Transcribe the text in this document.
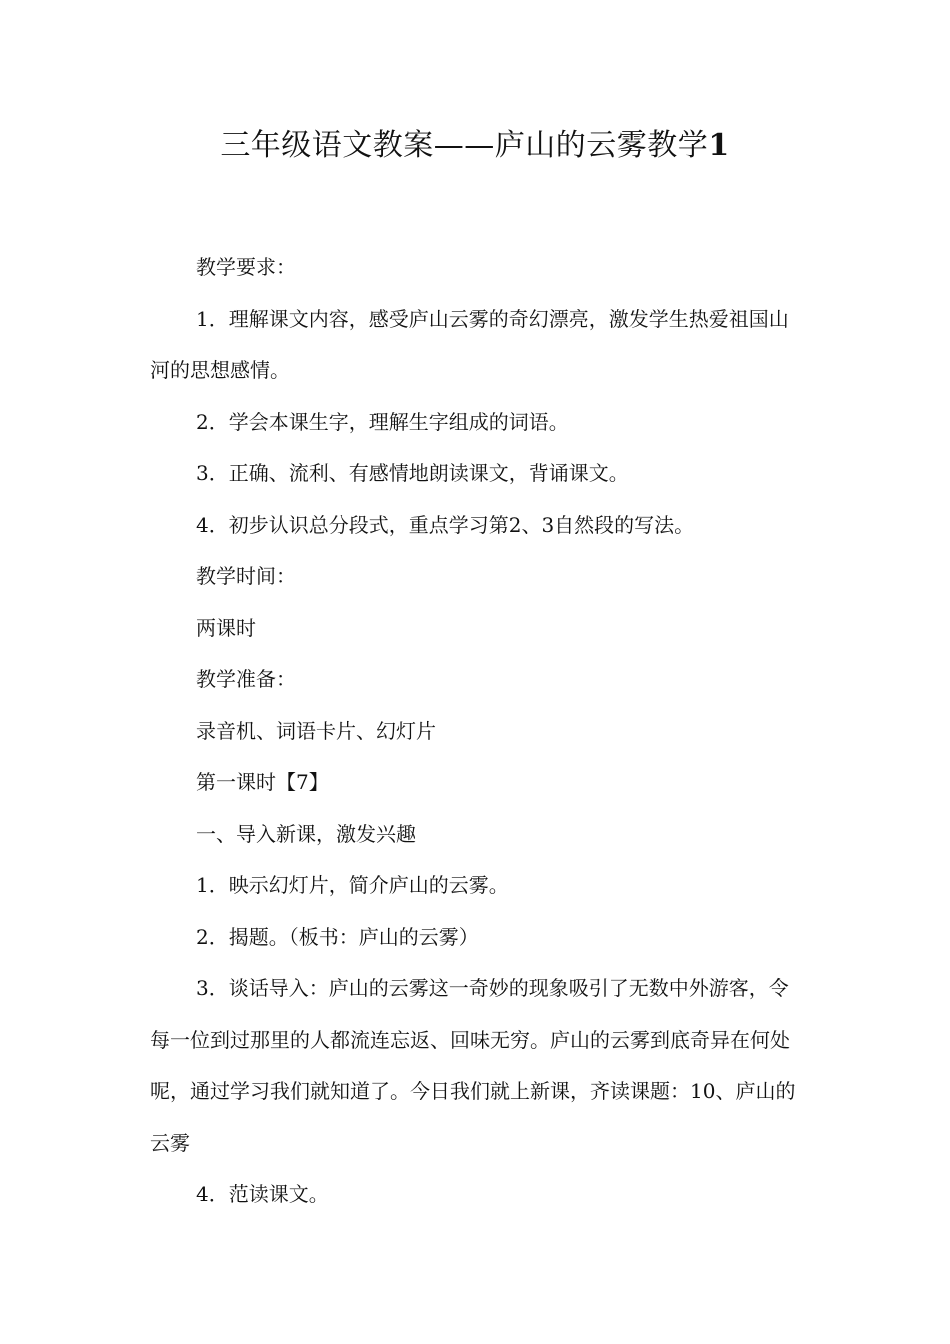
三年级语文教案——庐山的云雾教学1

教学要求：

1．理解课文内容，感受庐山云雾的奇幻漂亮，激发学生热爱祖国山河的思想感情。

2．学会本课生字，理解生字组成的词语。

3．正确、流利、有感情地朗读课文，背诵课文。

4．初步认识总分段式，重点学习第2、3自然段的写法。

教学时间：

两课时

教学准备：

录音机、词语卡片、幻灯片

第一课时【7】

一、导入新课，激发兴趣

1．映示幻灯片，简介庐山的云雾。

2．揭题。（板书：庐山的云雾）

3．谈话导入：庐山的云雾这一奇妙的现象吸引了无数中外游客，令每一位到过那里的人都流连忘返、回味无穷。庐山的云雾到底奇异在何处呢，通过学习我们就知道了。今日我们就上新课，齐读课题：10、庐山的云雾

4．范读课文。
